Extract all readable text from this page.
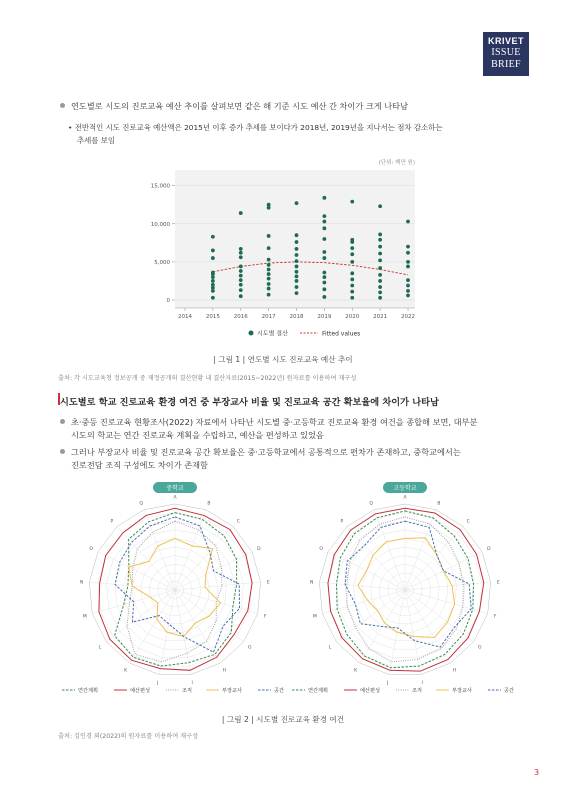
KRIVET
ISSUE
BRIEF
연도별로 시도의 진로교육 예산 추이를 살펴보면 같은 해 기준 시도 예산 간 차이가 크게 나타남
• 전반적인 시도 진로교육 예산액은 2015년 이후 증가 추세를 보이다가 2018년, 2019년을 지나서는 점차 감소하는
추세를 보임
0
5,000
10,000
15,000
2014	2015	2016	2017	2018	2019	2020	2021	2022
(단위: 백만 원)
시도별 결산	Fitted values
| 그림 1 | 연도별 시도 진로교육 예산 추이
출처: 각 시도교육청 정보공개 중 재정공개의 결산현황 내 결산자료(2015~2022년) 원자료를 이용하여 재구성
시도별로 학교 진로교육 환경 여건 중 부장교사 비율 및 진로교육 공간 확보율에 차이가 나타남
초·중등 진로교육 현황조사(2022) 자료에서 나타난 시도별 중·고등학교 진로교육 환경 여건을 종합해 보면, 대부분
시도의 학교는 연간 진로교육 계획을 수립하고, 예산을 편성하고 있었음
그러나 부장교사 비율 및 진로교육 공간 확보율은 중·고등학교에서 공통적으로 편차가 존재하고, 중학교에서는
진로전담 조직 구성에도 차이가 존재함
중학교
A
B
C
D
E
F
G
H
I
J
K
L
M
N
O
P
Q
연간계획	예산편성	조직	부장교사	공간
고등학교
A
B
C
D
E
F
G
H
I
J
K
L
M
N
O
P
Q
연간계획	예산편성	조직	부장교사	공간
| 그림 2 | 시도별 진로교육 환경 여건
출처: 김인경 외(2022)의 원자료를 이용하여 재구성
3
